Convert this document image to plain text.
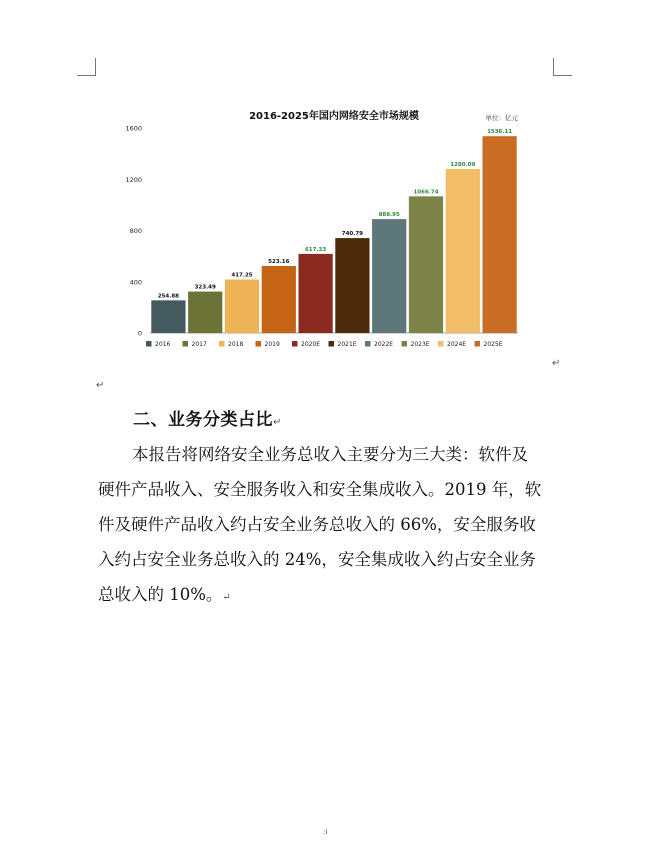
2016-2025年国内网络安全市场规模	单位：亿元
0
400
800
1200
1600
254.88
323.49
417.25
523.16
617.33
740.79
888.95
1066.74
1280.09
1536.11
2016	2017	2018	2019	2020E	2021E	2022E	2023E	2024E	2025E
↵
↵
二、业务分类占比↵
本报告将网络安全业务总收入主要分为三大类：软件及
硬件产品收入、安全服务收入和安全集成收入。2019 年，软
件及硬件产品收入约占安全业务总收入的 66%，安全服务收
入约占安全业务总收入的 24%，安全集成收入约占安全业务
总收入的 10%。↵
:i
